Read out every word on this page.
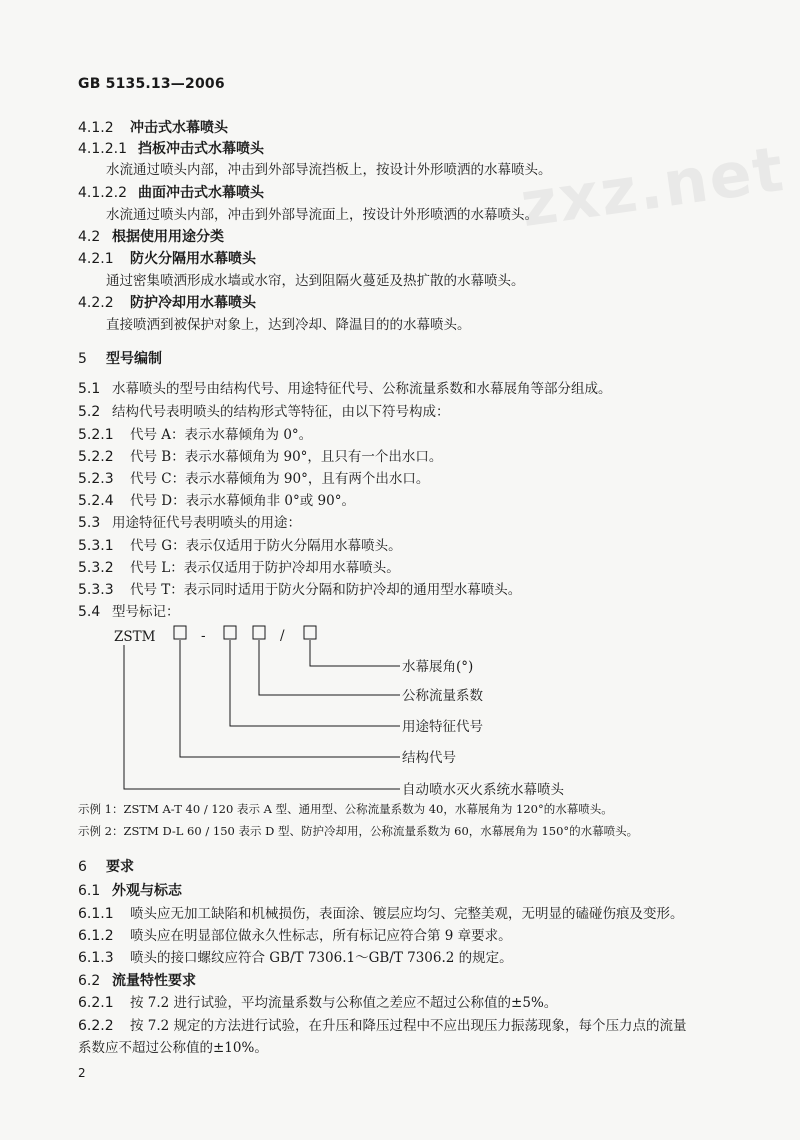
zxz.net
GB 5135.13—2006
4.1.2 冲击式水幕喷头
4.1.2.1 挡板冲击式水幕喷头
水流通过喷头内部，冲击到外部导流挡板上，按设计外形喷洒的水幕喷头。
4.1.2.2 曲面冲击式水幕喷头
水流通过喷头内部，冲击到外部导流面上，按设计外形喷洒的水幕喷头。
4.2 根据使用用途分类
4.2.1 防火分隔用水幕喷头
通过密集喷洒形成水墙或水帘，达到阻隔火蔓延及热扩散的水幕喷头。
4.2.2 防护冷却用水幕喷头
直接喷洒到被保护对象上，达到冷却、降温目的的水幕喷头。
5 型号编制
5.1 水幕喷头的型号由结构代号、用途特征代号、公称流量系数和水幕展角等部分组成。
5.2 结构代号表明喷头的结构形式等特征，由以下符号构成：
5.2.1 代号 A：表示水幕倾角为 0°。
5.2.2 代号 B：表示水幕倾角为 90°，且只有一个出水口。
5.2.3 代号 C：表示水幕倾角为 90°，且有两个出水口。
5.2.4 代号 D：表示水幕倾角非 0°或 90°。
5.3 用途特征代号表明喷头的用途：
5.3.1 代号 G：表示仅适用于防火分隔用水幕喷头。
5.3.2 代号 L：表示仅适用于防护冷却用水幕喷头。
5.3.3 代号 T：表示同时适用于防火分隔和防护冷却的通用型水幕喷头。
5.4 型号标记：
ZSTM	-	/
水幕展角(°)
公称流量系数
用途特征代号
结构代号
自动喷水灭火系统水幕喷头
示例 1：ZSTM A-T 40 / 120 表示 A 型、通用型、公称流量系数为 40，水幕展角为 120°的水幕喷头。
示例 2：ZSTM D-L 60 / 150 表示 D 型、防护冷却用，公称流量系数为 60，水幕展角为 150°的水幕喷头。
6 要求
6.1 外观与标志
6.1.1 喷头应无加工缺陷和机械损伤，表面涂、镀层应均匀、完整美观，无明显的磕碰伤痕及变形。
6.1.2 喷头应在明显部位做永久性标志，所有标记应符合第 9 章要求。
6.1.3 喷头的接口螺纹应符合 GB/T 7306.1～GB/T 7306.2 的规定。
6.2 流量特性要求
6.2.1 按 7.2 进行试验，平均流量系数与公称值之差应不超过公称值的±5%。
6.2.2 按 7.2 规定的方法进行试验，在升压和降压过程中不应出现压力振荡现象，每个压力点的流量
系数应不超过公称值的±10%。
2
